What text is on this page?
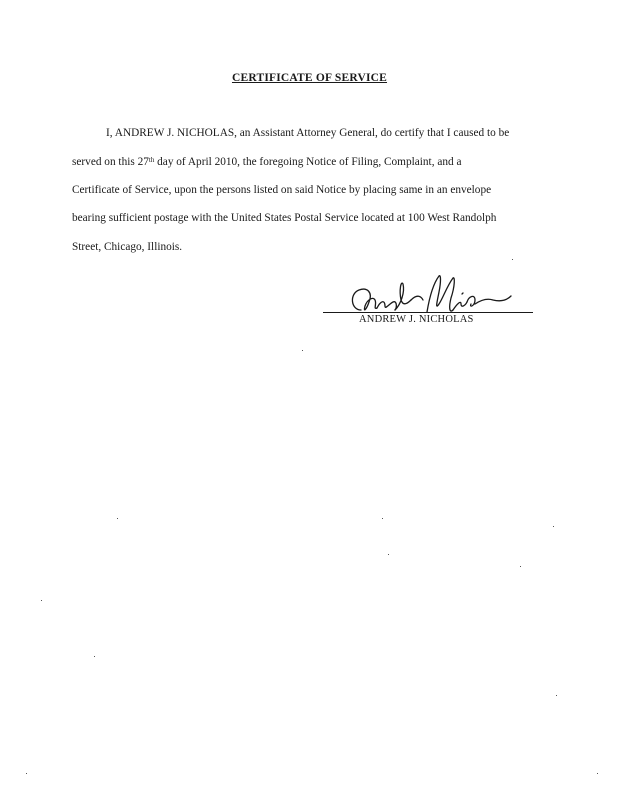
CERTIFICATE OF SERVICE
I, ANDREW J. NICHOLAS, an Assistant Attorney General, do certify that I caused to be
served on this 27th day of April 2010, the foregoing Notice of Filing, Complaint, and a
Certificate of Service, upon the persons listed on said Notice by placing same in an envelope
bearing sufficient postage with the United States Postal Service located at 100 West Randolph
Street, Chicago, Illinois.
ANDREW J. NICHOLAS
